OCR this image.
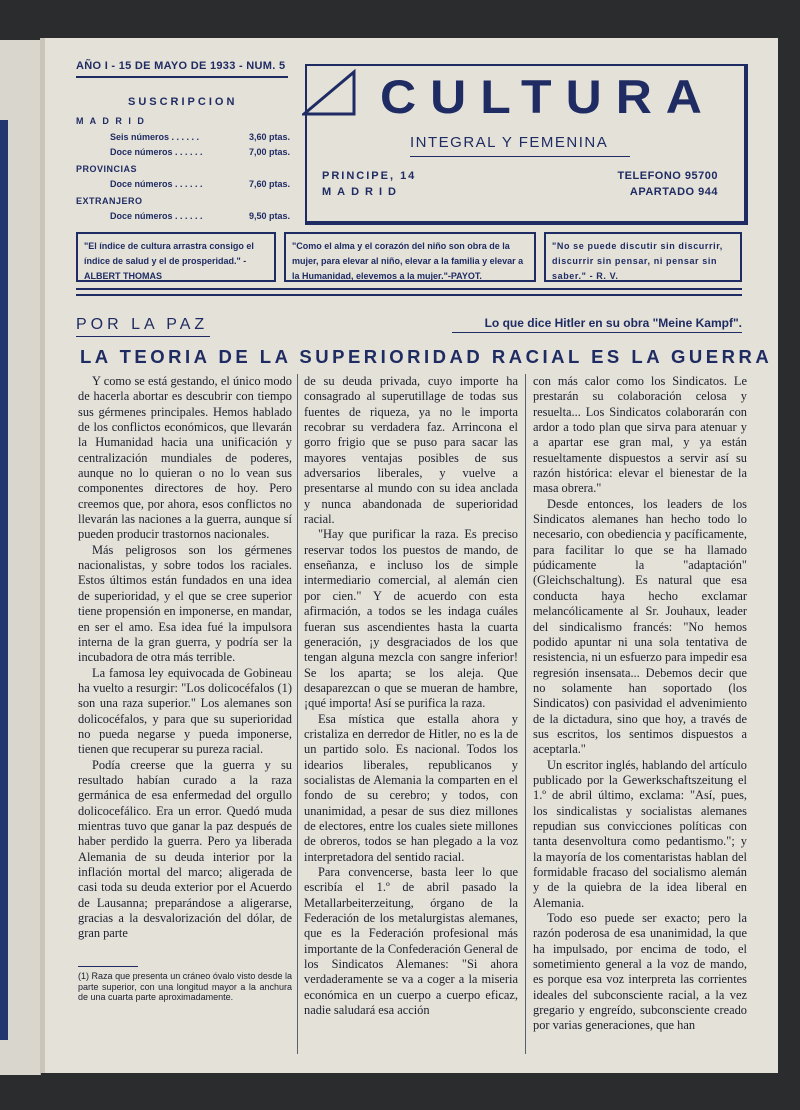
AÑO I - 15 DE MAYO DE 1933 - NUM. 5
SUSCRIPCION
M A D R I D
Seis números . . . . . .	3,60 ptas.
Doce números . . . . . .	7,00 ptas.
PROVINCIAS
Doce números . . . . . .	7,60 ptas.
EXTRANJERO
Doce números . . . . . .	9,50 ptas.
CULTURA
INTEGRAL Y FEMENINA
PRINCIPE, 14
MADRID
TELEFONO 95700
APARTADO 944
"El índice de cultura arrastra consigo el índice de salud y el de prosperidad." - ALBERT THOMAS
"Como el alma y el corazón del niño son obra de la mujer, para elevar al niño, elevar a la familia y elevar a la Humanidad, elevemos a la mujer."-PAYOT.
"No se puede discutir sin discurrir, discurrir sin pensar, ni pensar sin saber." - R. V.
POR LA PAZ	Lo que dice Hitler en su obra "Meine Kampf".
LA TEORIA DE LA SUPERIORIDAD RACIAL ES LA GUERRA

Y como se está gestando, el único modo de hacerla abortar es descubrir con tiempo sus gérmenes principales. Hemos hablado de los conflictos económicos, que llevarán la Humanidad hacia una unificación y centralización mundiales de poderes, aunque no lo quieran o no lo vean sus componentes directores de hoy. Pero creemos que, por ahora, esos conflictos no llevarán las naciones a la guerra, aunque sí pueden producir trastornos nacionales.

Más peligrosos son los gérmenes nacionalistas, y sobre todos los raciales. Estos últimos están fundados en una idea de superioridad, y el que se cree superior tiene propensión en imponerse, en mandar, en ser el amo. Esa idea fué la impulsora interna de la gran guerra, y podría ser la incubadora de otra más terrible.

La famosa ley equivocada de Gobineau ha vuelto a resurgir: "Los dolicocéfalos (1) son una raza superior." Los alemanes son dolicocéfalos, y para que su superioridad no pueda negarse y pueda imponerse, tienen que recuperar su pureza racial.

Podía creerse que la guerra y su resultado habían curado a la raza germánica de esa enfermedad del orgullo dolicocefálico. Era un error. Quedó muda mientras tuvo que ganar la paz después de haber perdido la guerra. Pero ya liberada Alemania de su deuda interior por la inflación mortal del marco; aligerada de casi toda su deuda exterior por el Acuerdo de Lausanna; preparándose a aligerarse, gracias a la desvalorización del dólar, de gran parte

(1) Raza que presenta un cráneo óvalo visto desde la parte superior, con una longitud mayor a la anchura de una cuarta parte aproximadamente.

de su deuda privada, cuyo importe ha consagrado al superutillage de todas sus fuentes de riqueza, ya no le importa recobrar su verdadera faz. Arrincona el gorro frigio que se puso para sacar las mayores ventajas posibles de sus adversarios liberales, y vuelve a presentarse al mundo con su idea anclada y nunca abandonada de superioridad racial.

"Hay que purificar la raza. Es preciso reservar todos los puestos de mando, de enseñanza, e incluso los de simple intermediario comercial, al alemán cien por cien." Y de acuerdo con esta afirmación, a todos se les indaga cuáles fueran sus ascendientes hasta la cuarta generación, ¡y desgraciados de los que tengan alguna mezcla con sangre inferior! Se los aparta; se los aleja. Que desaparezcan o que se mueran de hambre, ¡qué importa! Así se purifica la raza.

Esa mística que estalla ahora y cristaliza en derredor de Hitler, no es la de un partido solo. Es nacional. Todos los idearios liberales, republicanos y socialistas de Alemania la comparten en el fondo de su cerebro; y todos, con unanimidad, a pesar de sus diez millones de electores, entre los cuales siete millones de obreros, todos se han plegado a la voz interpretadora del sentido racial.

Para convencerse, basta leer lo que escribía el 1.º de abril pasado la Metallarbeiterzeitung, órgano de la Federación de los metalurgistas alemanes, que es la Federación profesional más importante de la Confederación General de los Sindicatos Alemanes: "Si ahora verdaderamente se va a coger a la miseria económica en un cuerpo a cuerpo eficaz, nadie saludará esa acción

con más calor como los Sindicatos. Le prestarán su colaboración celosa y resuelta... Los Sindicatos colaborarán con ardor a todo plan que sirva para atenuar y a apartar ese gran mal, y ya están resueltamente dispuestos a servir así su razón histórica: elevar el bienestar de la masa obrera."

Desde entonces, los leaders de los Sindicatos alemanes han hecho todo lo necesario, con obediencia y pacíficamente, para facilitar lo que se ha llamado púdicamente la "adaptación" (Gleichschaltung). Es natural que esa conducta haya hecho exclamar melancólicamente al Sr. Jouhaux, leader del sindicalismo francés: "No hemos podido apuntar ni una sola tentativa de resistencia, ni un esfuerzo para impedir esa regresión insensata... Debemos decir que no solamente han soportado (los Sindicatos) con pasividad el advenimiento de la dictadura, sino que hoy, a través de sus escritos, los sentimos dispuestos a aceptarla."

Un escritor inglés, hablando del artículo publicado por la Gewerkschaftszeitung el 1.º de abril último, exclama: "Así, pues, los sindicalistas y socialistas alemanes repudian sus convicciones políticas con tanta desenvoltura como pedantismo."; y la mayoría de los comentaristas hablan del formidable fracaso del socialismo alemán y de la quiebra de la idea liberal en Alemania.

Todo eso puede ser exacto; pero la razón poderosa de esa unanimidad, la que ha impulsado, por encima de todo, el sometimiento general a la voz de mando, es porque esa voz interpreta las corrientes ideales del subconsciente racial, a la vez gregario y engreído, subconsciente creado por varias generaciones, que han
